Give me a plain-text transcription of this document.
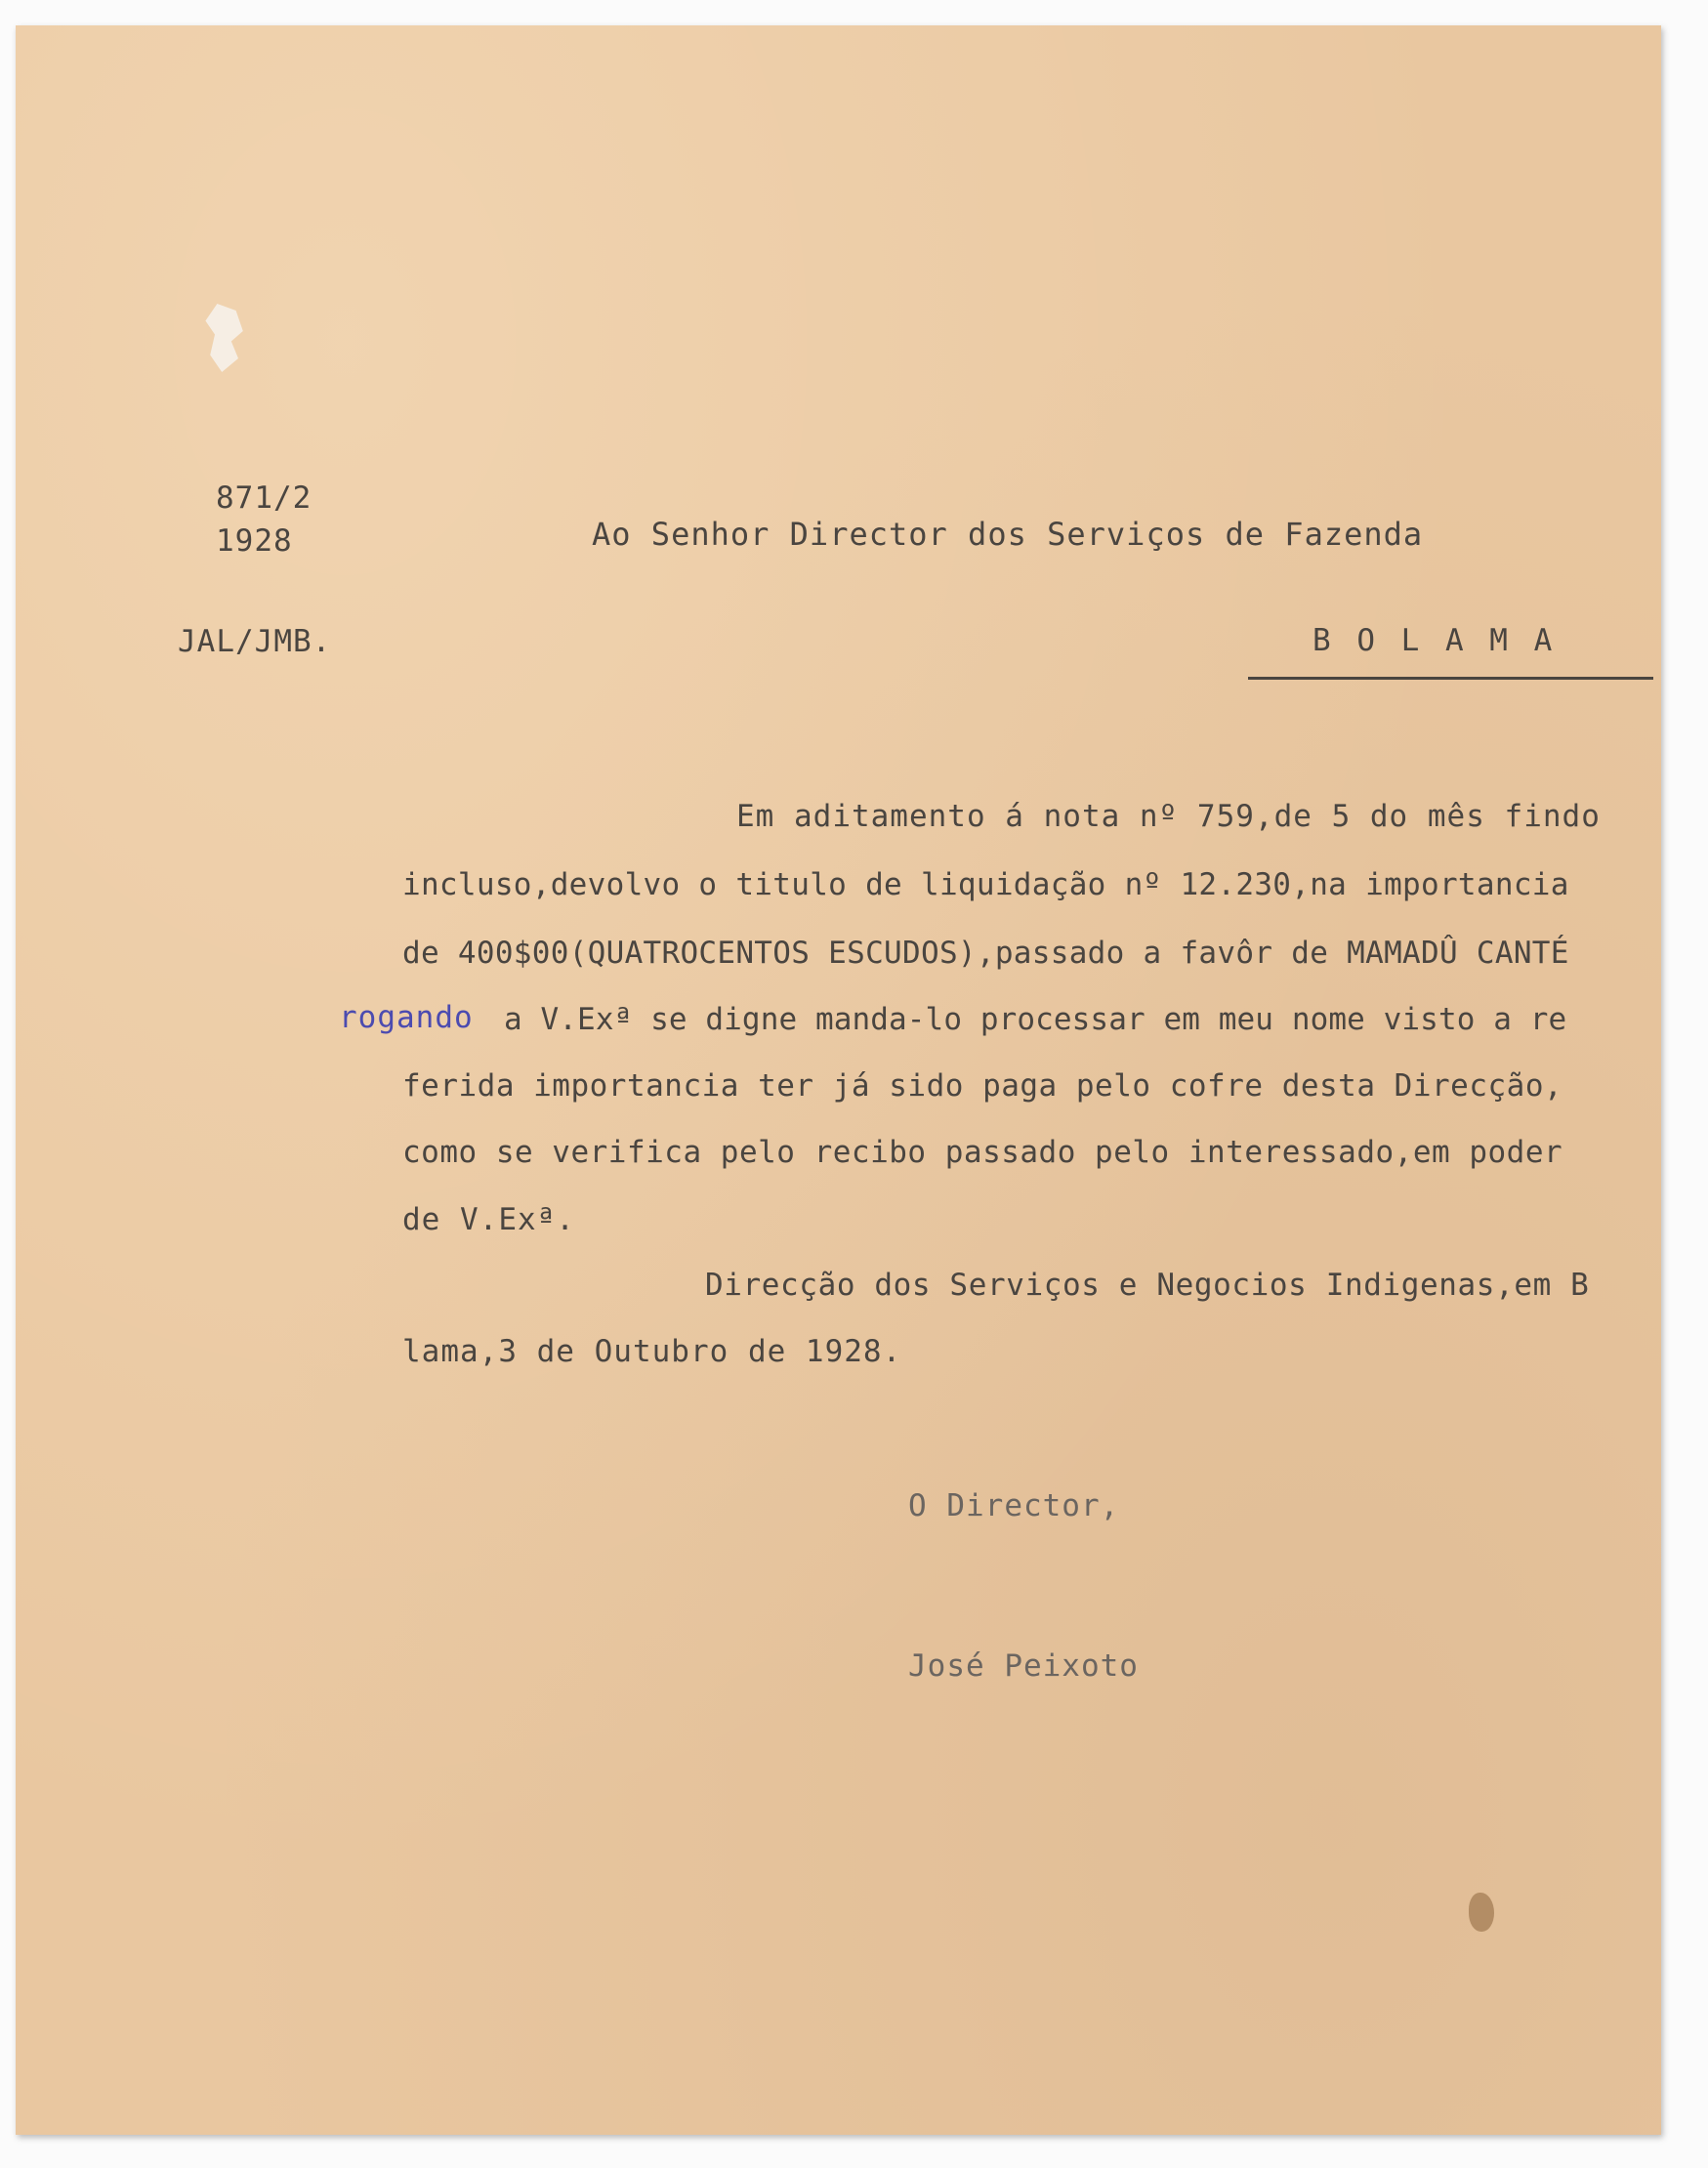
871/2
1928
JAL/JMB.
Ao Senhor Director dos Serviços de Fazenda
B O L A M A
Em aditamento á nota nº 759,de 5 do mês findo
incluso,devolvo o titulo de liquidação nº 12.230,na importancia
de 400$00(QUATROCENTOS ESCUDOS),passado a favôr de MAMADÛ CANTÉ
rogando a V.Exª se digne manda-lo processar em meu nome visto a re
ferida importancia ter já sido paga pelo cofre desta Direcção,
como se verifica pelo recibo passado pelo interessado,em poder
de V.Exª.
Direcção dos Serviços e Negocios Indigenas,em B
lama,3 de Outubro de 1928.
O Director,
José Peixoto
